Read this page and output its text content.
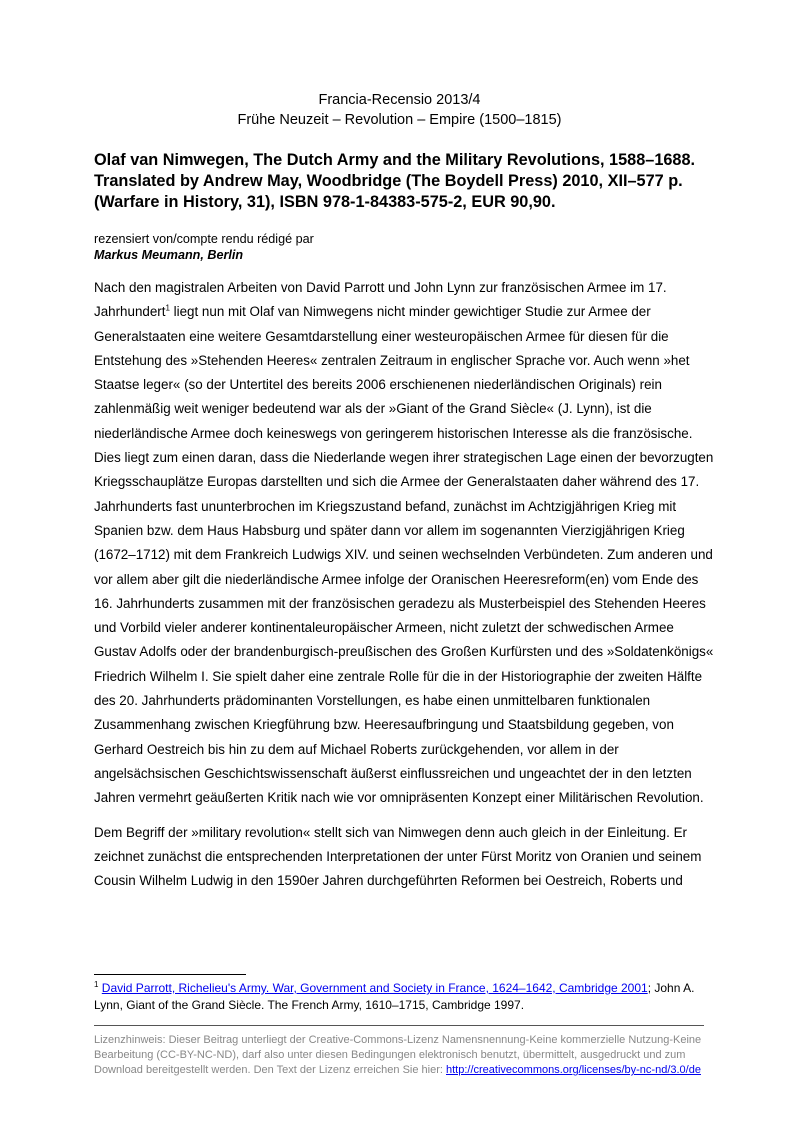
Francia-Recensio 2013/4
Frühe Neuzeit – Revolution – Empire (1500–1815)
Olaf van Nimwegen, The Dutch Army and the Military Revolutions, 1588–1688.
Translated by Andrew May, Woodbridge (The Boydell Press) 2010, XII–577 p.
(Warfare in History, 31), ISBN 978-1-84383-575-2, EUR 90,90.
rezensiert von/compte rendu rédigé par
Markus Meumann, Berlin

Nach den magistralen Arbeiten von David Parrott und John Lynn zur französischen Armee im 17. Jahrhundert$^1$ liegt nun mit Olaf van Nimwegens nicht minder gewichtiger Studie zur Armee der Generalstaaten eine weitere Gesamtdarstellung einer westeuropäischen Armee für diesen für die Entstehung des »Stehenden Heeres« zentralen Zeitraum in englischer Sprache vor. Auch wenn »het Staatse leger« (so der Untertitel des bereits 2006 erschienenen niederländischen Originals) rein zahlenmäßig weit weniger bedeutend war als der »Giant of the Grand Siècle« (J. Lynn), ist die niederländische Armee doch keineswegs von geringerem historischen Interesse als die französische. Dies liegt zum einen daran, dass die Niederlande wegen ihrer strategischen Lage einen der bevorzugten Kriegsschauplätze Europas darstellten und sich die Armee der Generalstaaten daher während des 17. Jahrhunderts fast ununterbrochen im Kriegszustand befand, zunächst im Achtzigjährigen Krieg mit Spanien bzw. dem Haus Habsburg und später dann vor allem im sogenannten Vierzigjährigen Krieg (1672–1712) mit dem Frankreich Ludwigs XIV. und seinen wechselnden Verbündeten. Zum anderen und vor allem aber gilt die niederländische Armee infolge der Oranischen Heeresreform(en) vom Ende des 16. Jahrhunderts zusammen mit der französischen geradezu als Musterbeispiel des Stehenden Heeres und Vorbild vieler anderer kontinentaleuropäischer Armeen, nicht zuletzt der schwedischen Armee Gustav Adolfs oder der brandenburgisch-preußischen des Großen Kurfürsten und des »Soldatenkönigs« Friedrich Wilhelm I. Sie spielt daher eine zentrale Rolle für die in der Historiographie der zweiten Hälfte des 20. Jahrhunderts prädominanten Vorstellungen, es habe einen unmittelbaren funktionalen Zusammenhang zwischen Kriegführung bzw. Heeresaufbringung und Staatsbildung gegeben, von Gerhard Oestreich bis hin zu dem auf Michael Roberts zurückgehenden, vor allem in der angelsächsischen Geschichtswissenschaft äußerst einflussreichen und ungeachtet der in den letzten Jahren vermehrt geäußerten Kritik nach wie vor omnipräsenten Konzept einer Militärischen Revolution.

Dem Begriff der »military revolution« stellt sich van Nimwegen denn auch gleich in der Einleitung. Er zeichnet zunächst die entsprechenden Interpretationen der unter Fürst Moritz von Oranien und seinem Cousin Wilhelm Ludwig in den 1590er Jahren durchgeführten Reformen bei Oestreich, Roberts und

$^1$ David Parrott, Richelieu's Army. War, Government and Society in France, 1624–1642, Cambridge 2001; John A. Lynn, Giant of the Grand Siècle. The French Army, 1610–1715, Cambridge 1997.
Lizenzhinweis: Dieser Beitrag unterliegt der Creative-Commons-Lizenz Namensnennung-Keine kommerzielle Nutzung-Keine Bearbeitung (CC-BY-NC-ND), darf also unter diesen Bedingungen elektronisch benutzt, übermittelt, ausgedruckt und zum Download bereitgestellt werden. Den Text der Lizenz erreichen Sie hier: http://creativecommons.org/licenses/by-nc-nd/3.0/de
